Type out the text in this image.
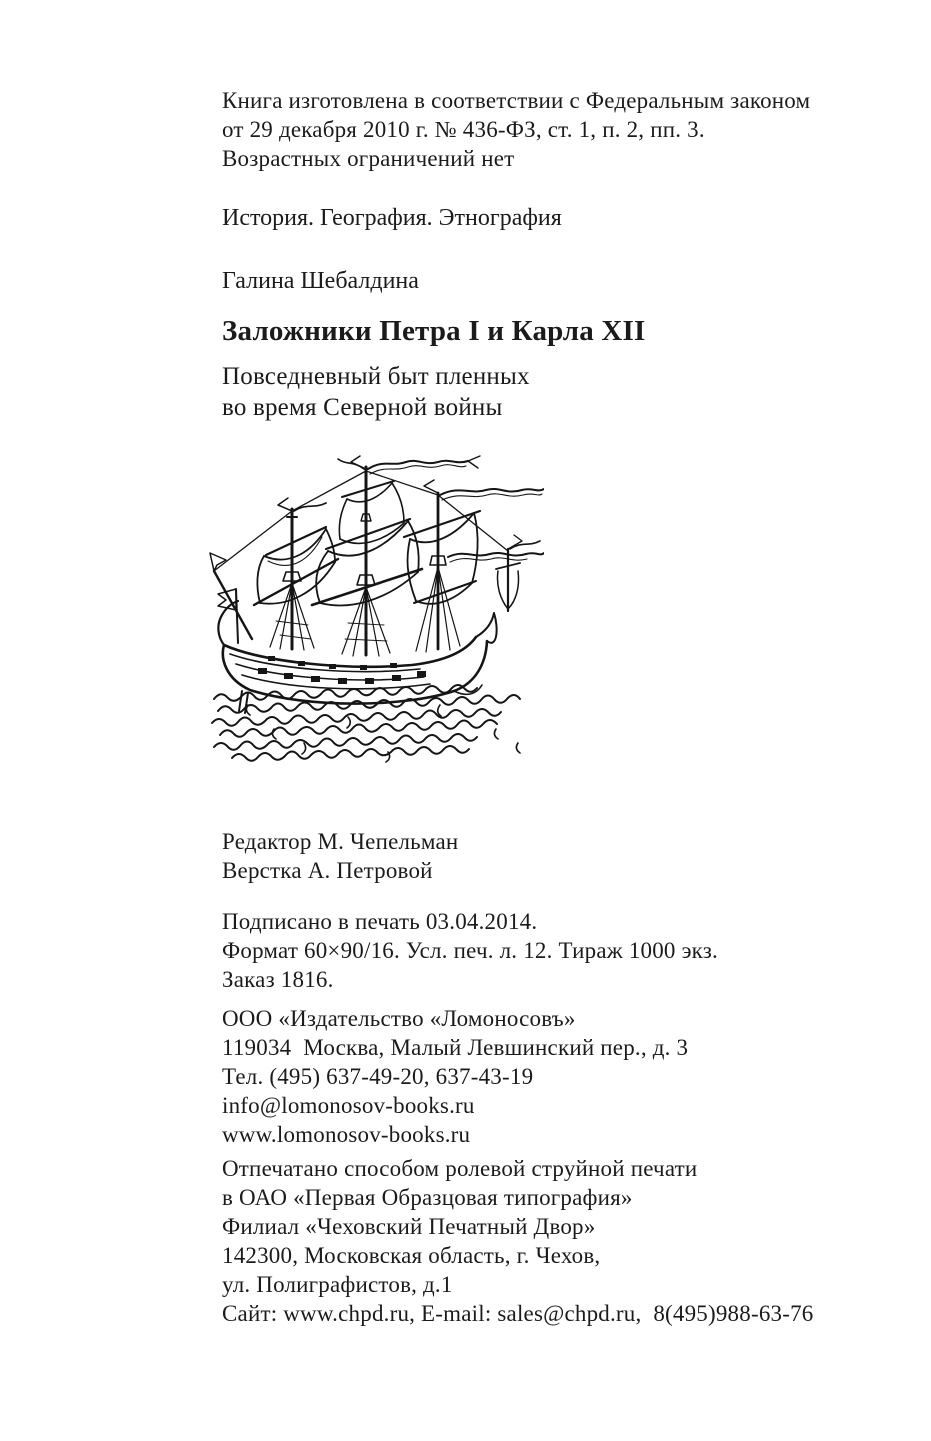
Книга изготовлена в соответствии с Федеральным законом
от 29 декабря 2010 г. № 436-ФЗ, ст. 1, п. 2, пп. 3.
Возрастных ограничений нет
История. География. Этнография
Галина Шебалдина
Заложники Петра I и Карла XII
Повседневный быт пленных
во время Северной войны
Редактор М. Чепельман
Верстка А. Петровой
Подписано в печать 03.04.2014.
Формат 60×90/16. Усл. печ. л. 12. Тираж 1000 экз.
Заказ 1816.
ООО «Издательство «Ломоносовъ»
119034  Москва, Малый Левшинский пер., д. 3
Тел. (495) 637-49-20, 637-43-19
info@lomonosov-books.ru
www.lomonosov-books.ru
Отпечатано способом ролевой струйной печати
в ОАО «Первая Образцовая типография»
Филиал «Чеховский Печатный Двор»
142300, Московская область, г. Чехов,
ул. Полиграфистов, д.1
Сайт: www.chpd.ru, E-mail: sales@chpd.ru,  8(495)988-63-76
